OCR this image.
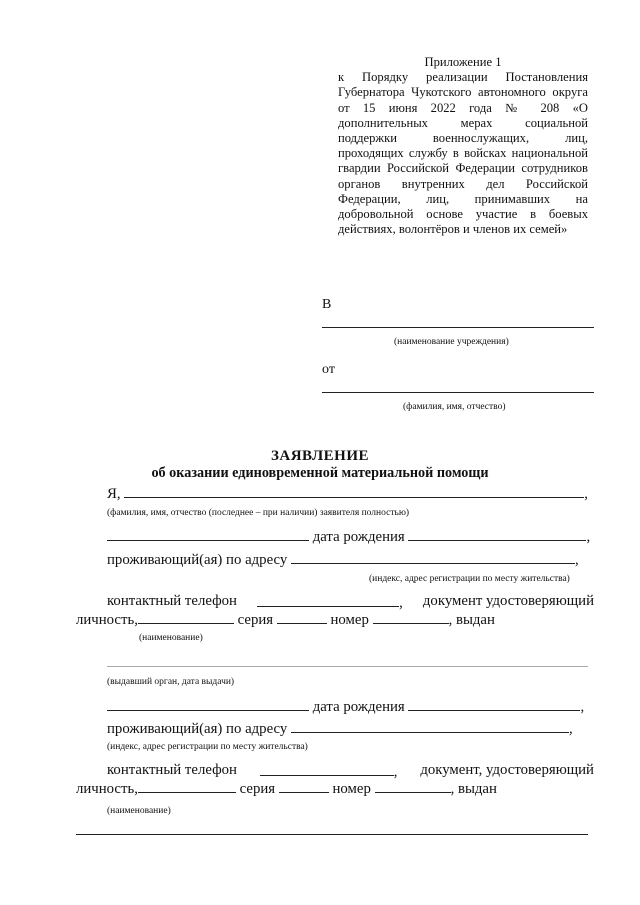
Приложение 1
к Порядку реализации Постановления Губернатора Чукотского автономного округа от 15 июня 2022 года № 208 «О дополнительных мерах социальной поддержки военнослужащих, лиц, проходящих службу в войсках национальной гвардии Российской Федерации сотрудников органов внутренних дел Российской Федерации, лиц, принимавших на добровольной основе участие в боевых действиях, волонтёров и членов их семей»
В
(наименование учреждения)
от
(фамилия, имя, отчество)
ЗАЯВЛЕНИЕ
об оказании единовременной материальной помощи
Я,	,
(фамилия, имя, отчество (последнее – при наличии) заявителя полностью)
дата рождения	,
проживающий(ая) по адресу	,
(индекс, адрес регистрации по месту жительства)
контактный телефон	, документ удостоверяющий
личность,	серия	номер	, выдан
(наименование)
(выдавший орган, дата выдачи)
дата рождения	,
проживающий(ая) по адресу	,
(индекс, адрес регистрации по месту жительства)
контактный телефон	, документ, удостоверяющий
личность,	серия	номер	, выдан
(наименование)
